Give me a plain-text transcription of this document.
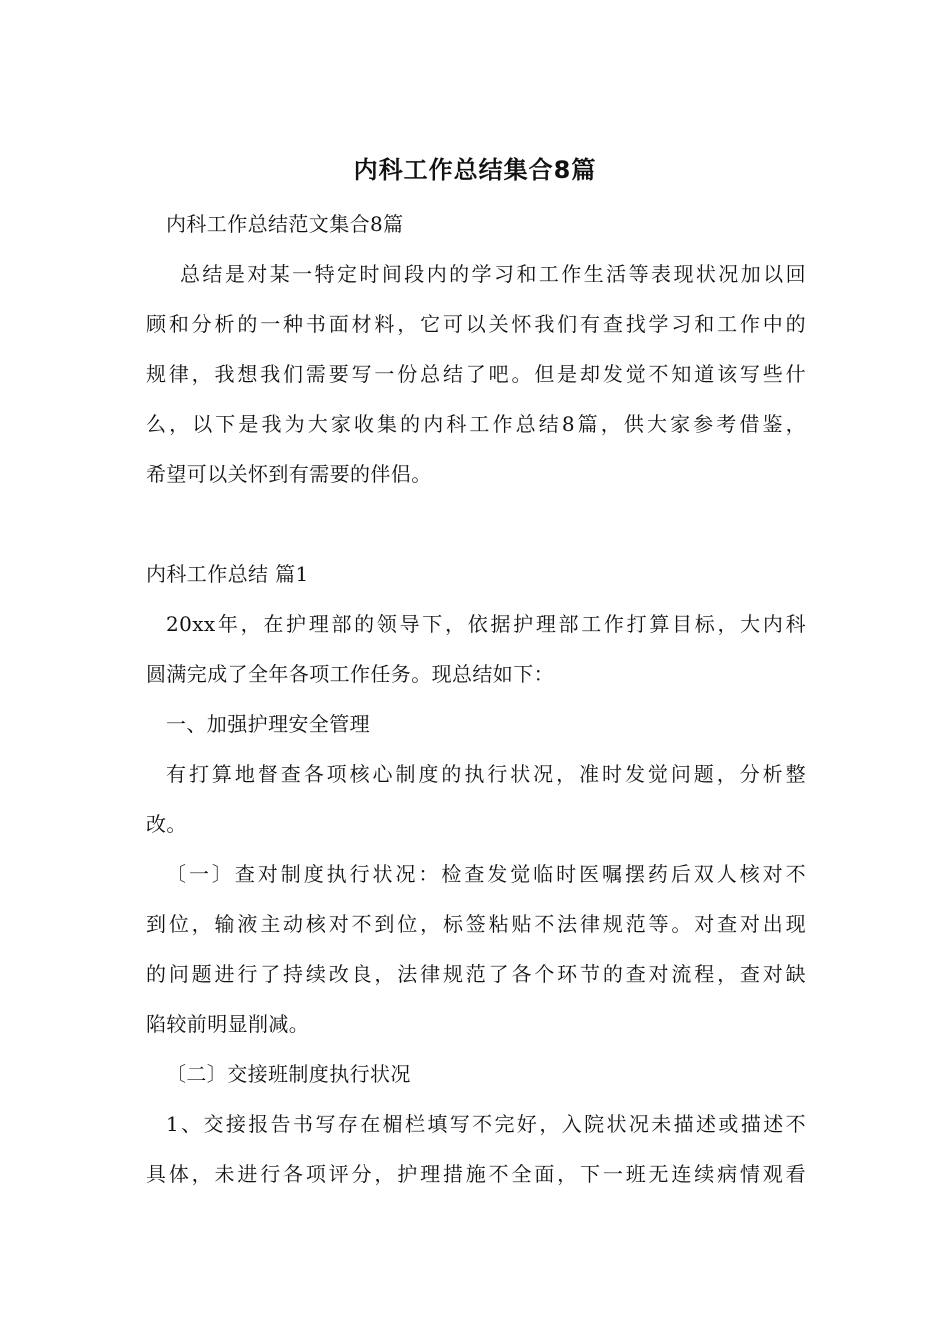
内科工作总结集合8篇
内科工作总结范文集合8篇
总结是对某一特定时间段内的学习和工作生活等表现状况加以回
顾和分析的一种书面材料，它可以关怀我们有查找学习和工作中的
规律，我想我们需要写一份总结了吧。但是却发觉不知道该写些什
么，以下是我为大家收集的内科工作总结8篇，供大家参考借鉴，
希望可以关怀到有需要的伴侣。
内科工作总结 篇1
20xx年，在护理部的领导下，依据护理部工作打算目标，大内科
圆满完成了全年各项工作任务。现总结如下：
一、加强护理安全管理
有打算地督查各项核心制度的执行状况，准时发觉问题，分析整
改。
〔一〕查对制度执行状况：检查发觉临时医嘱摆药后双人核对不
到位，输液主动核对不到位，标签粘贴不法律规范等。对查对出现
的问题进行了持续改良，法律规范了各个环节的查对流程，查对缺
陷较前明显削减。
〔二〕交接班制度执行状况
1、交接报告书写存在楣栏填写不完好，入院状况未描述或描述不
具体，未进行各项评分，护理措施不全面，下一班无连续病情观看
